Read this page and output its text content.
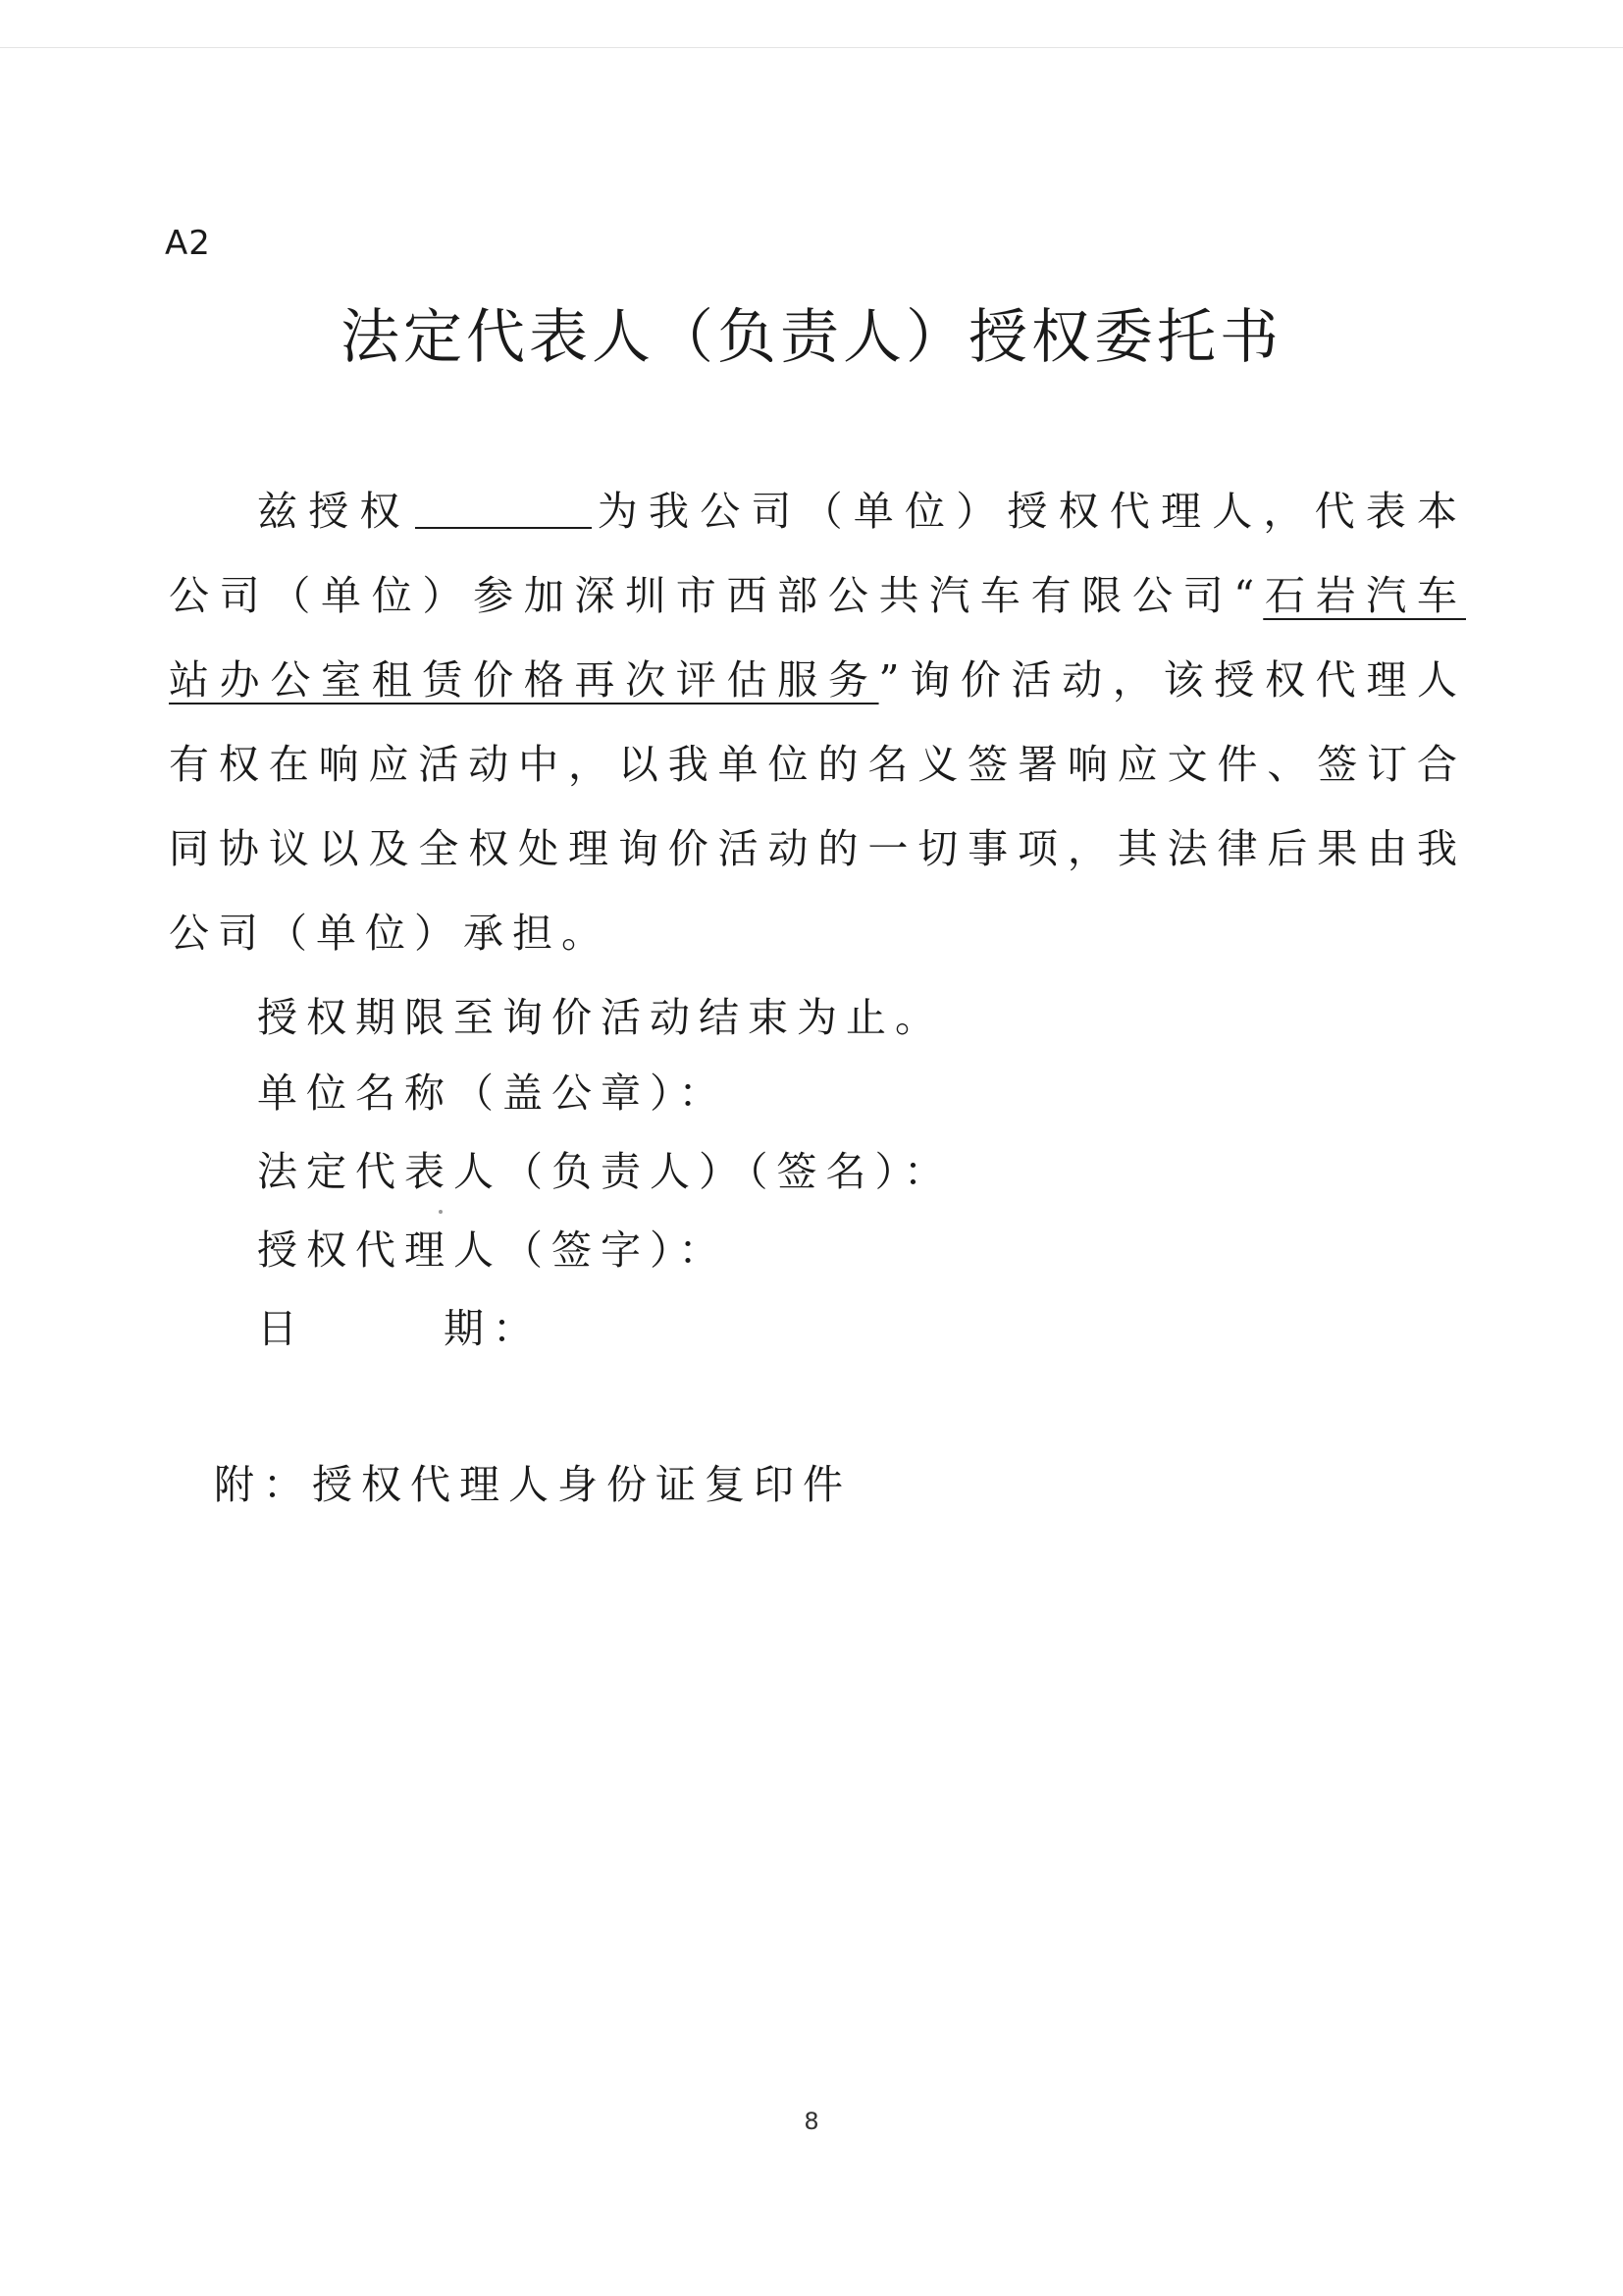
A2
法定代表人（负责人）授权委托书

兹授权	为我公司（单位）授权代理人，代表本公司（单位）参加深圳市西部公共汽车有限公司“石岩汽车站办公室租赁价格再次评估服务”询价活动，该授权代理人有权在响应活动中，以我单位的名义签署响应文件、签订合同协议以及全权处理询价活动的一切事项，其法律后果由我公司（单位）承担。

授权期限至询价活动结束为止。

单位名称（盖公章）：
法定代表人（负责人）（签名）：
授权代理人（签字）：
日	期：
附：授权代理人身份证复印件
8
